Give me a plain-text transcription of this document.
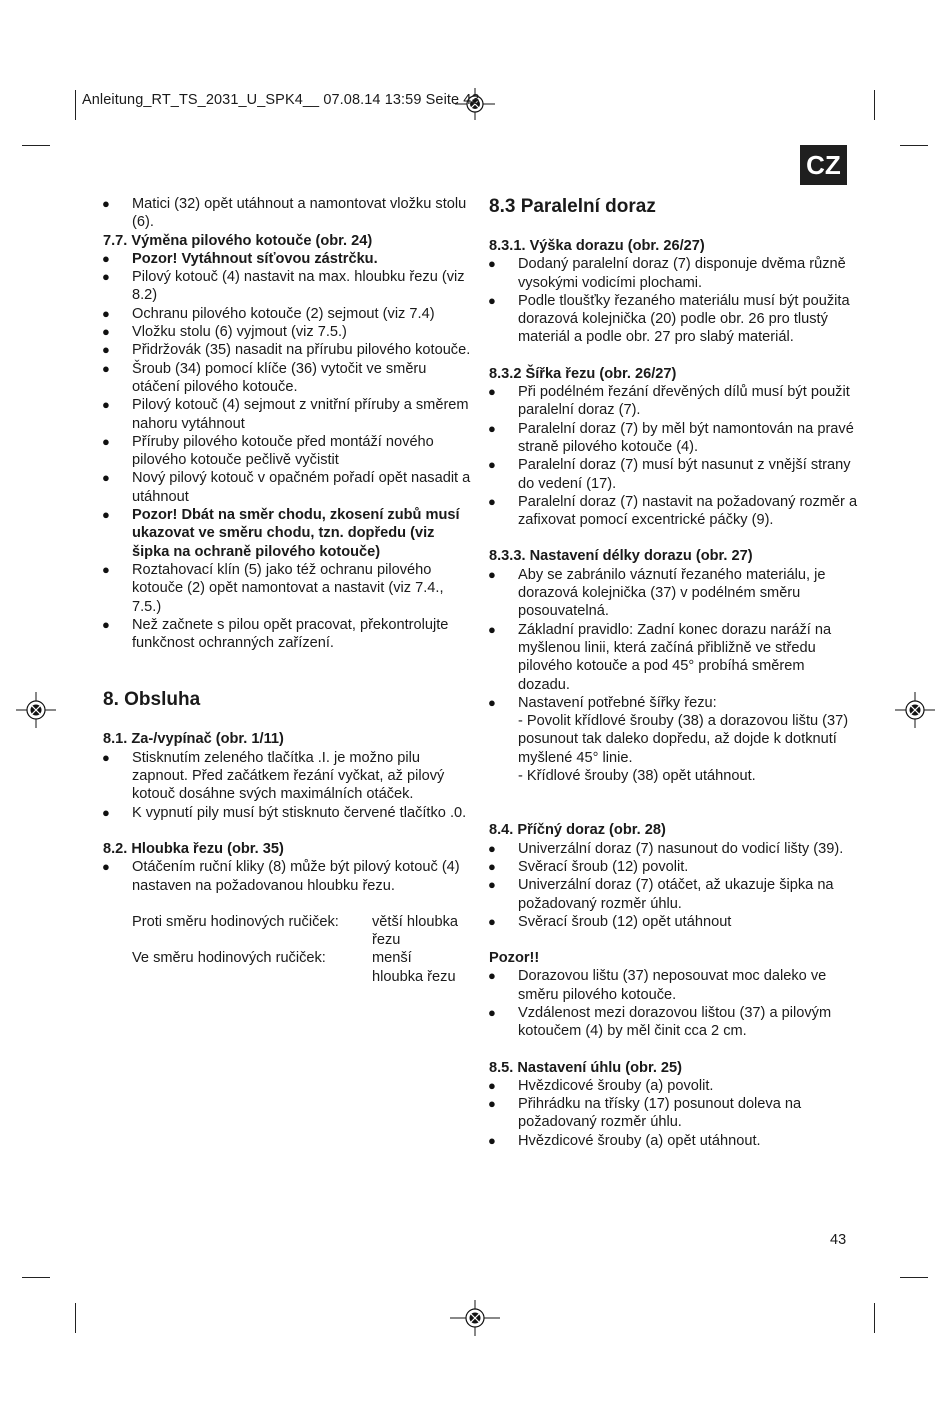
Anleitung_RT_TS_2031_U_SPK4__ 07.08.14 13:59 Seite 43
CZ
● Matici (32) opět utáhnout a namontovat vložku stolu (6).
7.7. Výměna pilového kotouče (obr. 24)
● Pozor! Vytáhnout síťovou zástrčku.
● Pilový kotouč (4) nastavit na max. hloubku řezu (viz 8.2)
● Ochranu pilového kotouče (2) sejmout (viz 7.4)
● Vložku stolu (6) vyjmout (viz 7.5.)
● Přidržovák (35) nasadit na přírubu pilového kotouče.
● Šroub (34) pomocí klíče (36) vytočit ve směru otáčení pilového kotouče.
● Pilový kotouč (4) sejmout z vnitřní příruby a směrem nahoru vytáhnout
● Příruby pilového kotouče před montáží nového pilového kotouče pečlivě vyčistit
● Nový pilový kotouč v opačném pořadí opět nasadit a utáhnout
● Pozor! Dbát na směr chodu, zkosení zubů musí ukazovat ve směru chodu, tzn. dopředu (viz šipka na ochraně pilového kotouče)
● Roztahovací klín (5) jako též ochranu pilového kotouče (2) opět namontovat a nastavit (viz 7.4., 7.5.)
● Než začnete s pilou opět pracovat, překontrolujte funkčnost ochranných zařízení.
8. Obsluha
8.1. Za-/vypínač (obr. 1/11)
● Stisknutím zeleného tlačítka .I. je možno pilu zapnout. Před začátkem řezání vyčkat, až pilový kotouč dosáhne svých maximálních otáček.
● K vypnutí pily musí být stisknuto červené tlačítko .0.
8.2. Hloubka řezu (obr. 35)
● Otáčením ruční kliky (8) může být pilový kotouč (4) nastaven na požadovanou hloubku řezu.
Proti směru hodinových ručiček:	větší hloubka řezu
Ve směru hodinových ručiček:	menší hloubka řezu
8.3 Paralelní doraz
8.3.1. Výška dorazu (obr. 26/27)
● Dodaný paralelní doraz (7) disponuje dvěma různě vysokými vodicími plochami.
● Podle tloušťky řezaného materiálu musí být použita dorazová kolejnička (20) podle obr. 26 pro tlustý materiál a podle obr. 27 pro slabý materiál.
8.3.2 Šířka řezu (obr. 26/27)
● Při podélném řezání dřevěných dílů musí být použit paralelní doraz (7).
● Paralelní doraz (7) by měl být namontován na pravé straně pilového kotouče (4).
● Paralelní doraz (7) musí být nasunut z vnější strany do vedení (17).
● Paralelní doraz (7) nastavit na požadovaný rozměr a zafixovat pomocí excentrické páčky (9).
8.3.3. Nastavení délky dorazu (obr. 27)
● Aby se zabránilo váznutí řezaného materiálu, je dorazová kolejnička (37) v podélném směru posouvatelná.
● Základní pravidlo: Zadní konec dorazu naráží na myšlenou linii, která začíná přibližně ve středu pilového kotouče a pod 45° probíhá směrem dozadu.
● Nastavení potřebné šířky řezu:
- Povolit křídlové šrouby (38) a dorazovou lištu (37) posunout tak daleko dopředu, až dojde k dotknutí myšlené 45° linie.
- Křídlové šrouby (38) opět utáhnout.
8.4. Příčný doraz (obr. 28)
● Univerzální doraz (7) nasunout do vodicí lišty (39).
● Svěrací šroub (12) povolit.
● Univerzální doraz (7) otáčet, až ukazuje šipka na požadovaný rozměr úhlu.
● Svěrací šroub (12) opět utáhnout
Pozor!!
● Dorazovou lištu (37) neposouvat moc daleko ve směru pilového kotouče.
● Vzdálenost mezi dorazovou lištou (37) a pilovým kotoučem (4) by měl činit cca 2 cm.
8.5. Nastavení úhlu (obr. 25)
● Hvězdicové šrouby (a) povolit.
● Přihrádku na třísky (17) posunout doleva na požadovaný rozměr úhlu.
● Hvězdicové šrouby (a) opět utáhnout.
43
